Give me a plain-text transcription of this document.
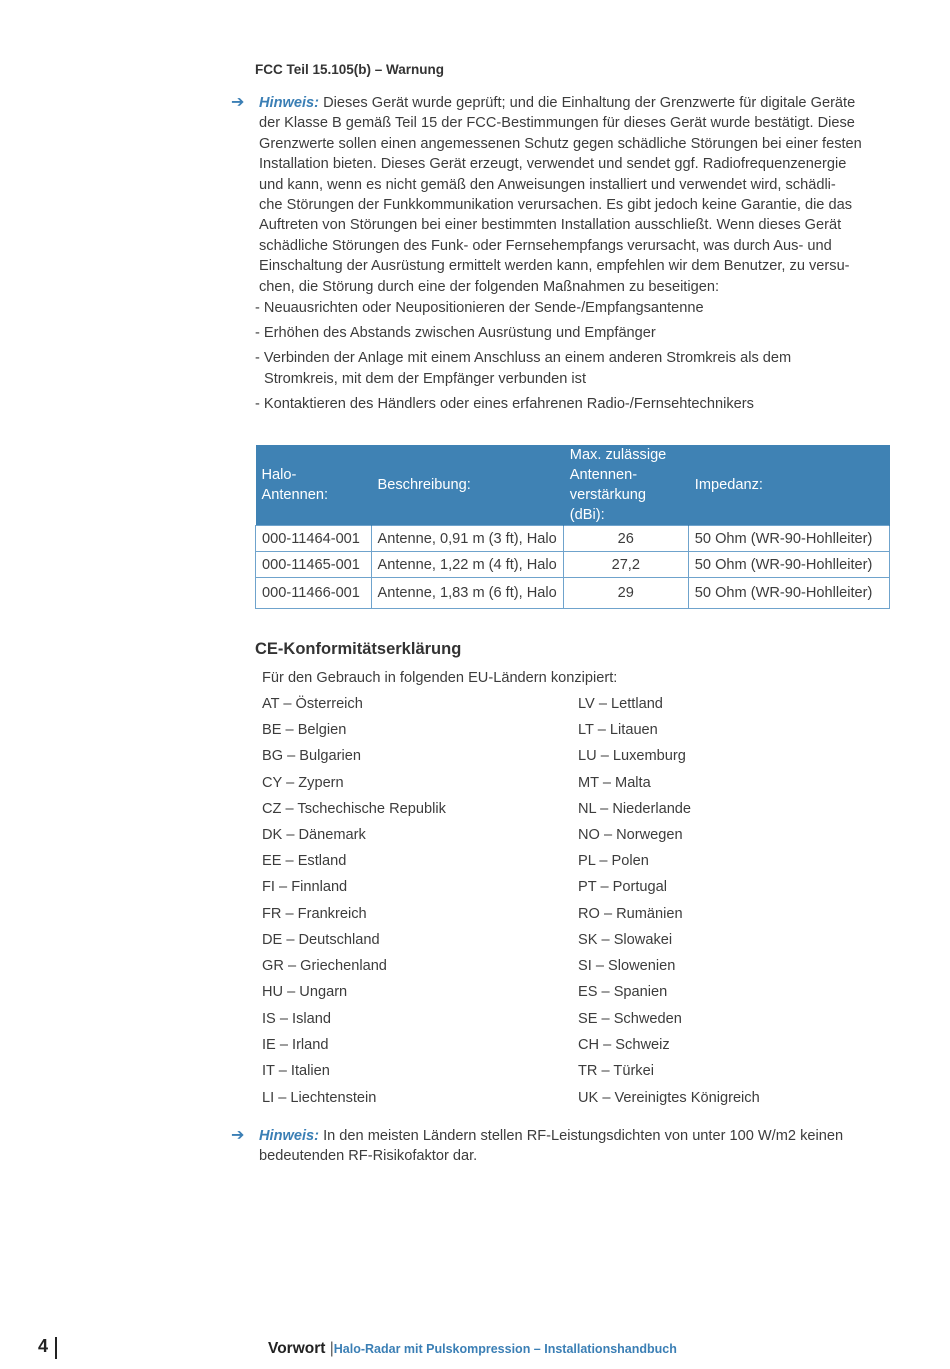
FCC Teil 15.105(b) – Warnung
➔ Hinweis: Dieses Gerät wurde geprüft; und die Einhaltung der Grenzwerte für digitale Geräte
der Klasse B gemäß Teil 15 der FCC-Bestimmungen für dieses Gerät wurde bestätigt. Diese
Grenzwerte sollen einen angemessenen Schutz gegen schädliche Störungen bei einer festen
Installation bieten. Dieses Gerät erzeugt, verwendet und sendet ggf. Radiofrequenzenergie
und kann, wenn es nicht gemäß den Anweisungen installiert und verwendet wird, schädli-
che Störungen der Funkkommunikation verursachen. Es gibt jedoch keine Garantie, die das
Auftreten von Störungen bei einer bestimmten Installation ausschließt. Wenn dieses Gerät
schädliche Störungen des Funk- oder Fernsehempfangs verursacht, was durch Aus- und
Einschaltung der Ausrüstung ermittelt werden kann, empfehlen wir dem Benutzer, zu versu-
chen, die Störung durch eine der folgenden Maßnahmen zu beseitigen:
- Neuausrichten oder Neupositionieren der Sende-/Empfangsantenne
- Erhöhen des Abstands zwischen Ausrüstung und Empfänger
- Verbinden der Anlage mit einem Anschluss an einem anderen Stromkreis als dem
Stromkreis, mit dem der Empfänger verbunden ist
- Kontaktieren des Händlers oder eines erfahrenen Radio-/Fernsehtechnikers
Halo-
Antennen:	Beschreibung:	Max. zulässige
Antennen-
verstärkung (dBi):	Impedanz:
000-11464-001	Antenne, 0,91 m (3 ft), Halo	26	50 Ohm (WR-90-Hohlleiter)
000-11465-001	Antenne, 1,22 m (4 ft), Halo	27,2	50 Ohm (WR-90-Hohlleiter)
000-11466-001	Antenne, 1,83 m (6 ft), Halo	29	50 Ohm (WR-90-Hohlleiter)
CE-Konformitätserklärung
Für den Gebrauch in folgenden EU-Ländern konzipiert:
AT – Österreich
BE – Belgien
BG – Bulgarien
CY – Zypern
CZ – Tschechische Republik
DK – Dänemark
EE – Estland
FI – Finnland
FR – Frankreich
DE – Deutschland
GR – Griechenland
HU – Ungarn
IS – Island
IE – Irland
IT – Italien
LI – Liechtenstein
LV – Lettland
LT – Litauen
LU – Luxemburg
MT – Malta
NL – Niederlande
NO – Norwegen
PL – Polen
PT – Portugal
RO – Rumänien
SK – Slowakei
SI – Slowenien
ES – Spanien
SE – Schweden
CH – Schweiz
TR – Türkei
UK – Vereinigtes Königreich
➔ Hinweis: In den meisten Ländern stellen RF-Leistungsdichten von unter 100 W/m2 keinen
bedeutenden RF-Risikofaktor dar.
4	Vorwort |Halo-Radar mit Pulskompression – Installationshandbuch
